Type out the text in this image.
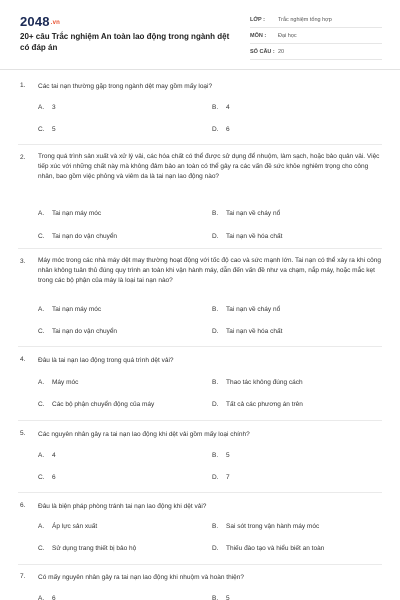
2048.vn
20+ câu Trắc nghiệm An toàn lao động trong ngành dệt có đáp án
LỚP :	Trắc nghiệm tổng hợp
MÔN :	Đại học
SỐ CÂU : 20
1. Các tai nạn thường gặp trong ngành dệt may gồm mấy loại?
A. 3	B. 4
C. 5	D. 6
2. Trong quá trình sản xuất và xử lý vải, các hóa chất có thể được sử dụng để nhuộm, làm sạch, hoặc bảo quản vải. Việc tiếp xúc với những chất này mà không đảm bảo an toàn có thể gây ra các vấn đề sức khỏe nghiêm trọng cho công nhân, bao gồm việc phỏng và viêm da là tai nạn lao động nào?
A. Tai nạn máy móc	B. Tai nạn về cháy nổ
C. Tai nạn do vận chuyển	D. Tai nạn về hóa chất
3. Máy móc trong các nhà máy dệt may thường hoạt động với tốc độ cao và sức mạnh lớn. Tai nạn có thể xảy ra khi công nhân không tuân thủ đúng quy trình an toàn khi vận hành máy, dẫn đến vấn đề như va chạm, nắp máy, hoặc mắc kẹt trong các bộ phận của máy là loại tai nạn nào?
A. Tai nạn máy móc	B. Tai nạn về cháy nổ
C. Tai nạn do vận chuyển	D. Tai nạn về hóa chất
4. Đâu là tai nạn lao động trong quá trình dệt vải?
A. Máy móc	B. Thao tác không đúng cách
C. Các bộ phận chuyển động của máy	D. Tất cả các phương án trên
5. Các nguyên nhân gây ra tai nạn lao động khi dệt vải gồm mấy loại chính?
A. 4	B. 5
C. 6	D. 7
6. Đâu là biện pháp phòng tránh tai nạn lao động khi dệt vải?
A. Áp lực sản xuất	B. Sai sót trong vận hành máy móc
C. Sử dụng trang thiết bị bảo hộ	D. Thiếu đào tạo và hiểu biết an toàn
7. Có mấy nguyên nhân gây ra tai nạn lao động khi nhuộm và hoàn thiện?
A. 6	B. 5
